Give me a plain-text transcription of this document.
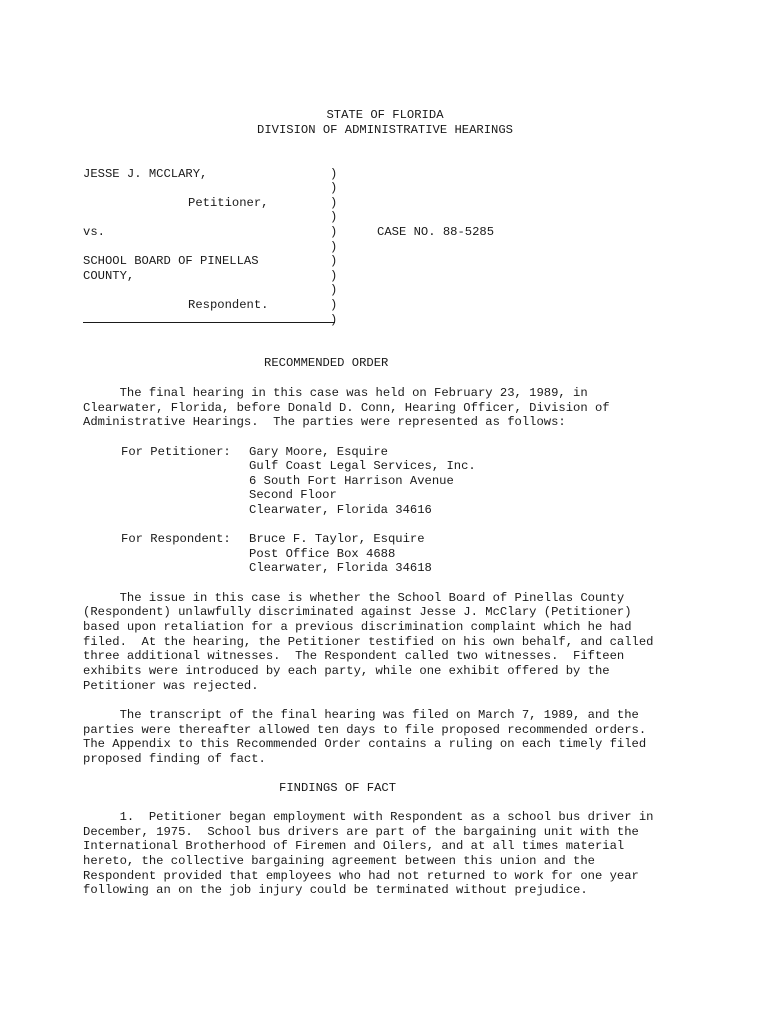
STATE OF FLORIDA
DIVISION OF ADMINISTRATIVE HEARINGS
JESSE J. MCCLARY,
Petitioner,
vs.
SCHOOL BOARD OF PINELLAS
COUNTY,
Respondent.
)
)
)
)
)
)
)
)
)
)
)
CASE NO. 88-5285
RECOMMENDED ORDER
The final hearing in this case was held on February 23, 1989, in
Clearwater, Florida, before Donald D. Conn, Hearing Officer, Division of
Administrative Hearings.  The parties were represented as follows:
For Petitioner: Gary Moore, Esquire
Gulf Coast Legal Services, Inc.
6 South Fort Harrison Avenue
Second Floor
Clearwater, Florida 34616
For Respondent: Bruce F. Taylor, Esquire
Post Office Box 4688
Clearwater, Florida 34618
The issue in this case is whether the School Board of Pinellas County
(Respondent) unlawfully discriminated against Jesse J. McClary (Petitioner)
based upon retaliation for a previous discrimination complaint which he had
filed.  At the hearing, the Petitioner testified on his own behalf, and called
three additional witnesses.  The Respondent called two witnesses.  Fifteen
exhibits were introduced by each party, while one exhibit offered by the
Petitioner was rejected.
The transcript of the final hearing was filed on March 7, 1989, and the
parties were thereafter allowed ten days to file proposed recommended orders.
The Appendix to this Recommended Order contains a ruling on each timely filed
proposed finding of fact.
FINDINGS OF FACT
1.  Petitioner began employment with Respondent as a school bus driver in
December, 1975.  School bus drivers are part of the bargaining unit with the
International Brotherhood of Firemen and Oilers, and at all times material
hereto, the collective bargaining agreement between this union and the
Respondent provided that employees who had not returned to work for one year
following an on the job injury could be terminated without prejudice.
